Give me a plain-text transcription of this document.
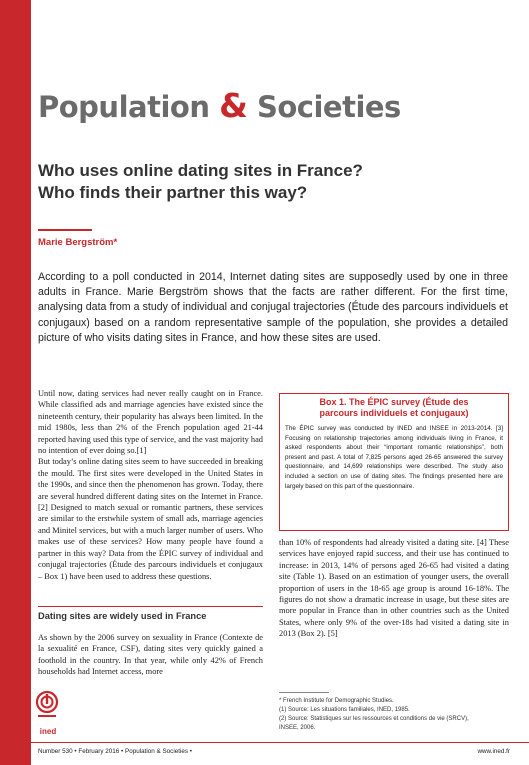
Number 530
February 2016
Population & Societies
Who uses online dating sites in France?
Who finds their partner this way?
Marie Bergström*
According to a poll conducted in 2014, Internet dating sites are supposedly used by one in three adults in France. Marie Bergström shows that the facts are rather different. For the first time, analysing data from a study of individual and conjugal trajectories (Étude des parcours individuels et conjugaux) based on a random representative sample of the population, she provides a detailed picture of who visits dating sites in France, and how these sites are used.

Until now, dating services had never really caught on in France. While classified ads and marriage agencies have existed since the nineteenth century, their popularity has always been limited. In the mid 1980s, less than 2% of the French population aged 21-44 reported having used this type of service, and the vast majority had no intention of ever doing so.[1]

But today’s online dating sites seem to have succeeded in breaking the mould. The first sites were developed in the United States in the 1990s, and since then the phenomenon has grown. Today, there are several hundred different dating sites on the Internet in France. [2] Designed to match sexual or romantic partners, these services are similar to the erstwhile system of small ads, marriage agencies and Minitel services, but with a much larger number of users. Who makes use of these services? How many people have found a partner in this way? Data from the ÉPIC survey of individual and conjugal trajectories (Étude des parcours individuels et conjugaux – Box 1) have been used to address these questions.

Box 1. The ÉPIC survey (Étude des
parcours individuels et conjugaux)
The ÉPIC survey was conducted by INED and INSEE in 2013-2014. [3] Focusing on relationship trajectories among individuals living in France, it asked respondents about their “important romantic relationships”, both present and past. A total of 7,825 persons aged 26-65 answered the survey questionnaire, and 14,699 relationships were described. The study also included a section on use of dating sites. The findings presented here are largely based on this part of the questionnaire.

than 10% of respondents had already visited a dating site. [4] These services have enjoyed rapid success, and their use has continued to increase: in 2013, 14% of persons aged 26-65 had visited a dating site (Table 1). Based on an estimation of younger users, the overall proportion of users in the 18-65 age group is around 16-18%. The figures do not show a dramatic increase in usage, but these sites are more popular in France than in other countries such as the United States, where only 9% of the over-18s had visited a dating site in 2013 (Box 2). [5]

Dating sites are widely used in France

As shown by the 2006 survey on sexuality in France (Contexte de la sexualité en France, CSF), dating sites very quickly gained a foothold in the country. In that year, while only 42% of French households had Internet access, more

* French Institute for Demographic Studies.
(1) Source: Les situations familiales, INED, 1985.
(2) Source: Statistiques sur les ressources et conditions de vie (SRCV),
INSEE, 2006.
ined
Number 530 • February 2016 • Population & Societies •	www.ined.fr
